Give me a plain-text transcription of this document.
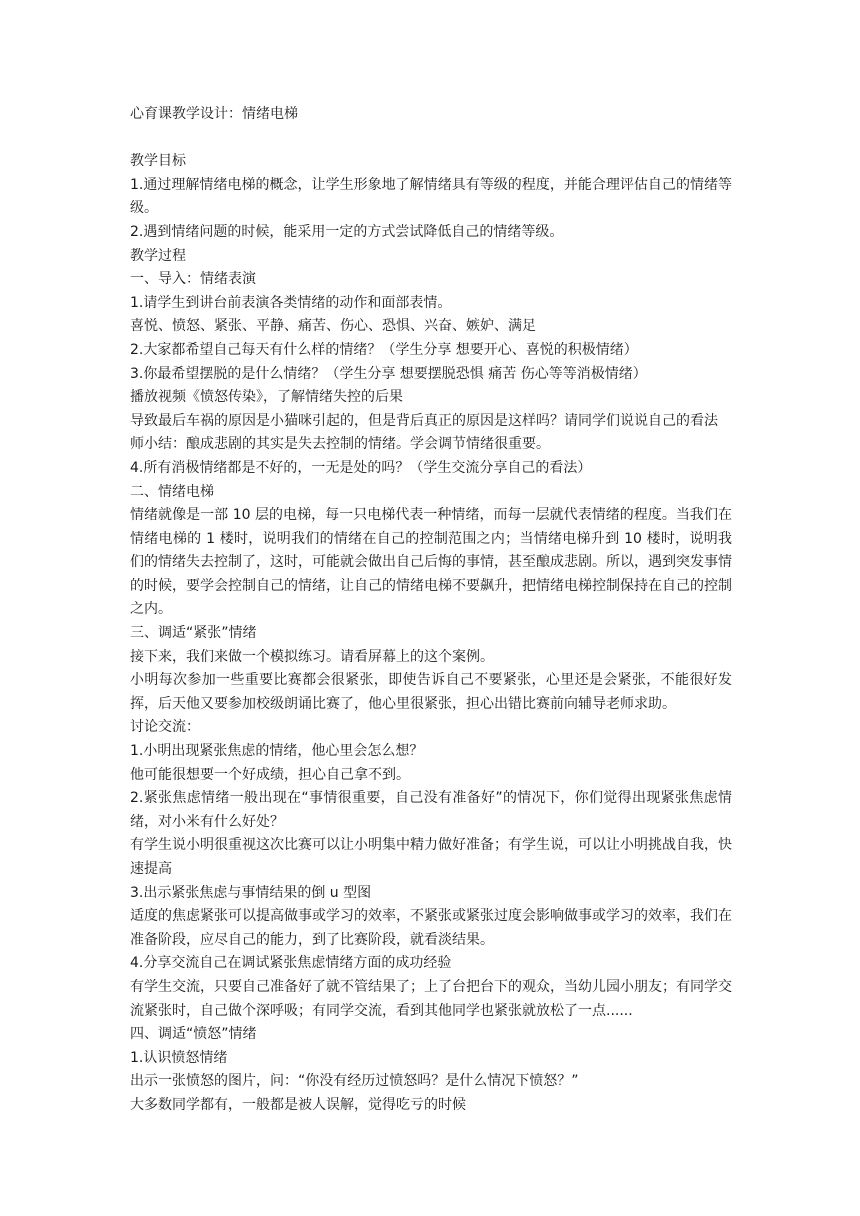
心育课教学设计：情绪电梯

教学目标

1.通过理解情绪电梯的概念，让学生形象地了解情绪具有等级的程度，并能合理评估自己的情绪等级。

2.遇到情绪问题的时候，能采用一定的方式尝试降低自己的情绪等级。

教学过程

一、导入：情绪表演

1.请学生到讲台前表演各类情绪的动作和面部表情。

喜悦、愤怒、紧张、平静、痛苦、伤心、恐惧、兴奋、嫉妒、满足

2.大家都希望自己每天有什么样的情绪？（学生分享 想要开心、喜悦的积极情绪）

3.你最希望摆脱的是什么情绪？（学生分享 想要摆脱恐惧 痛苦 伤心等等消极情绪）

播放视频《愤怒传染》，了解情绪失控的后果

导致最后车祸的原因是小猫咪引起的，但是背后真正的原因是这样吗？请同学们说说自己的看法

师小结：酿成悲剧的其实是失去控制的情绪。学会调节情绪很重要。

4.所有消极情绪都是不好的，一无是处的吗？（学生交流分享自己的看法）

二、情绪电梯

情绪就像是一部 10 层的电梯，每一只电梯代表一种情绪，而每一层就代表情绪的程度。当我们在情绪电梯的 1 楼时，说明我们的情绪在自己的控制范围之内；当情绪电梯升到 10 楼时，说明我们的情绪失去控制了，这时，可能就会做出自己后悔的事情，甚至酿成悲剧。所以，遇到突发事情的时候，要学会控制自己的情绪，让自己的情绪电梯不要飙升，把情绪电梯控制保持在自己的控制之内。

三、调适“紧张”情绪

接下来，我们来做一个模拟练习。请看屏幕上的这个案例。

小明每次参加一些重要比赛都会很紧张，即使告诉自己不要紧张，心里还是会紧张，不能很好发挥，后天他又要参加校级朗诵比赛了，他心里很紧张，担心出错比赛前向辅导老师求助。

讨论交流：

1.小明出现紧张焦虑的情绪，他心里会怎么想？

他可能很想要一个好成绩，担心自己拿不到。

2.紧张焦虑情绪一般出现在“事情很重要，自己没有准备好”的情况下，你们觉得出现紧张焦虑情绪，对小米有什么好处？

有学生说小明很重视这次比赛可以让小明集中精力做好准备；有学生说，可以让小明挑战自我，快速提高

3.出示紧张焦虑与事情结果的倒 u 型图

适度的焦虑紧张可以提高做事或学习的效率，不紧张或紧张过度会影响做事或学习的效率，我们在准备阶段，应尽自己的能力，到了比赛阶段，就看淡结果。

4.分享交流自己在调试紧张焦虑情绪方面的成功经验

有学生交流，只要自己准备好了就不管结果了；上了台把台下的观众，当幼儿园小朋友；有同学交流紧张时，自己做个深呼吸；有同学交流，看到其他同学也紧张就放松了一点......

四、调适“愤怒”情绪

1.认识愤怒情绪

出示一张愤怒的图片，问：“你没有经历过愤怒吗？是什么情况下愤怒？”

大多数同学都有，一般都是被人误解，觉得吃亏的时候
